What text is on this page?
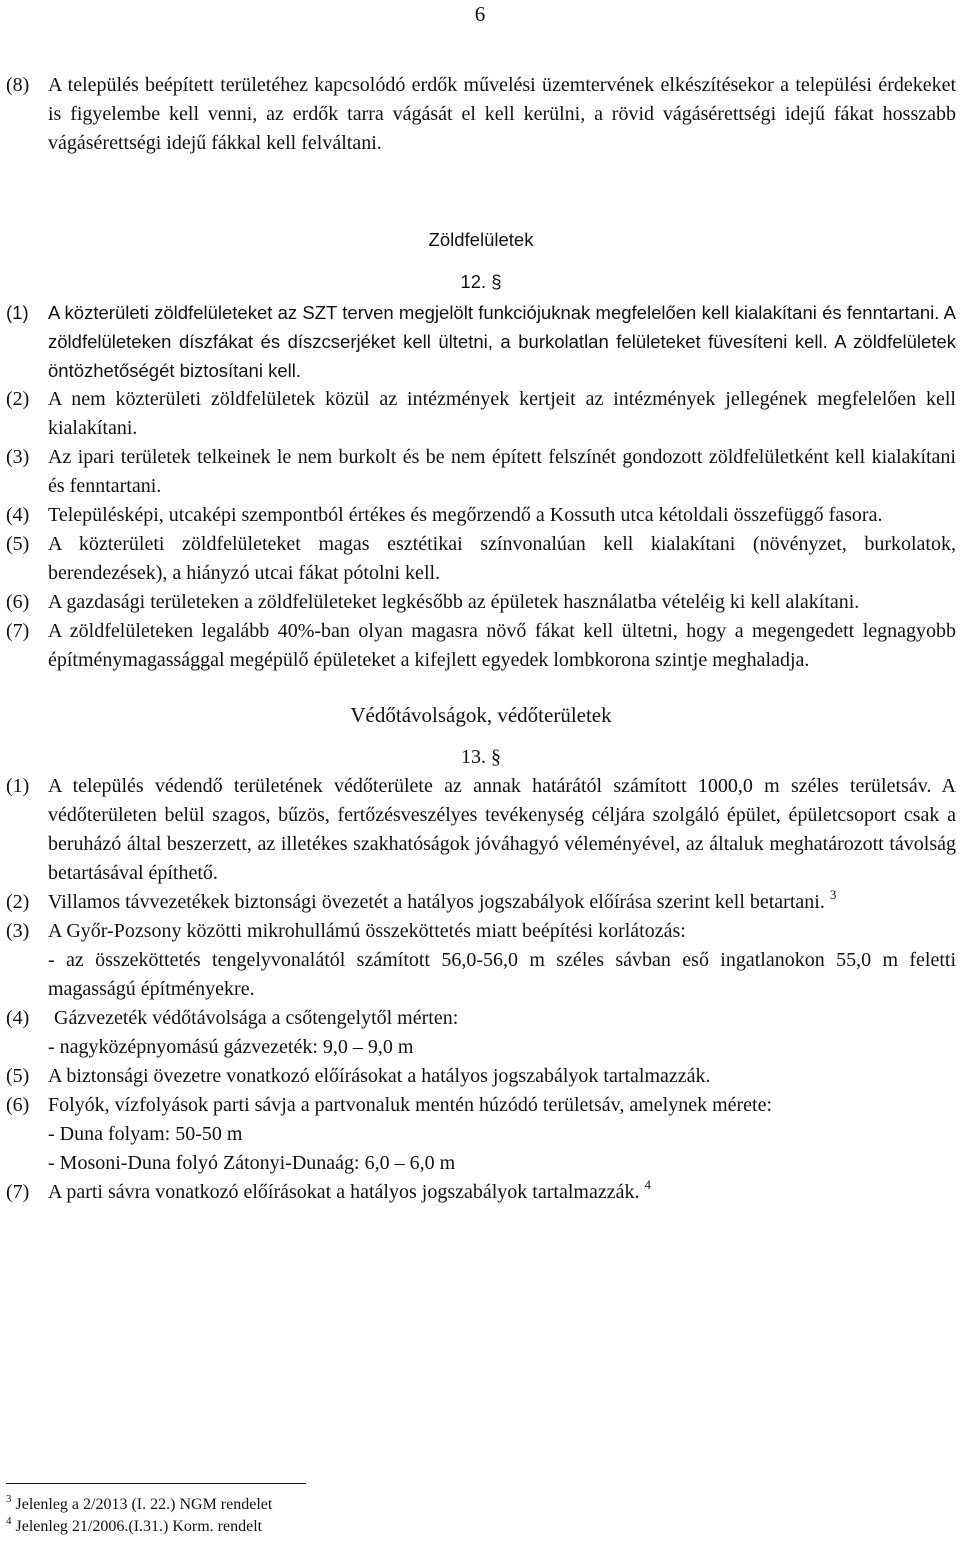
6
(8) A település beépített területéhez kapcsolódó erdők művelési üzemtervének elkészítésekor a települési érdekeket is figyelembe kell venni, az erdők tarra vágását el kell kerülni, a rövid vágásérettségi idejű fákat hosszabb vágásérettségi idejű fákkal kell felváltani.
Zöldfelületek
12. §
(1) A közterületi zöldfelületeket az SZT terven megjelölt funkciójuknak megfelelően kell kialakítani és fenntartani. A zöldfelületeken díszfákat és díszcserjéket kell ültetni, a burkolatlan felületeket füvesíteni kell. A zöldfelületek öntözhetőségét biztosítani kell.
(2) A nem közterületi zöldfelületek közül az intézmények kertjeit az intézmények jellegének megfelelően kell kialakítani.
(3) Az ipari területek telkeinek le nem burkolt és be nem épített felszínét gondozott zöldfelületként kell kialakítani és fenntartani.
(4) Településképi, utcaképi szempontból értékes és megőrzendő a Kossuth utca kétoldali összefüggő fasora.
(5) A közterületi zöldfelületeket magas esztétikai színvonalúan kell kialakítani (növényzet, burkolatok, berendezések), a hiányzó utcai fákat pótolni kell.
(6) A gazdasági területeken a zöldfelületeket legkésőbb az épületek használatba vételéig ki kell alakítani.
(7) A zöldfelületeken legalább 40%-ban olyan magasra növő fákat kell ültetni, hogy a megengedett legnagyobb építménymagassággal megépülő épületeket a kifejlett egyedek lombkorona szintje meghaladja.
Védőtávolságok, védőterületek
13. §
(1) A település védendő területének védőterülete az annak határától számított 1000,0 m széles területsáv. A védőterületen belül szagos, bűzös, fertőzésveszélyes tevékenység céljára szolgáló épület, épületcsoport csak a beruházó által beszerzett, az illetékes szakhatóságok jóváhagyó véleményével, az általuk meghatározott távolság betartásával építhető.
(2) Villamos távvezetékek biztonsági övezetét a hatályos jogszabályok előírása szerint kell betartani. $^3$
(3) A Győr-Pozsony közötti mikrohullámú összeköttetés miatt beépítési korlátozás:
- az összeköttetés tengelyvonalától számított 56,0-56,0 m széles sávban eső ingatlanokon 55,0 m feletti magasságú építményekre.
(4)	Gázvezeték védőtávolsága a csőtengelytől mérten:
- nagyközépnyomású gázvezeték: 9,0 – 9,0 m
(5) A biztonsági övezetre vonatkozó előírásokat a hatályos jogszabályok tartalmazzák.
(6) Folyók, vízfolyások parti sávja a partvonaluk mentén húzódó területsáv, amelynek mérete:
- Duna folyam: 50-50 m
- Mosoni-Duna folyó Zátonyi-Dunaág: 6,0 – 6,0 m
(7) A parti sávra vonatkozó előírásokat a hatályos jogszabályok tartalmazzák. $^4$
$^3$ Jelenleg a 2/2013 (I. 22.) NGM rendelet
$^4$ Jelenleg 21/2006.(I.31.) Korm. rendelt
